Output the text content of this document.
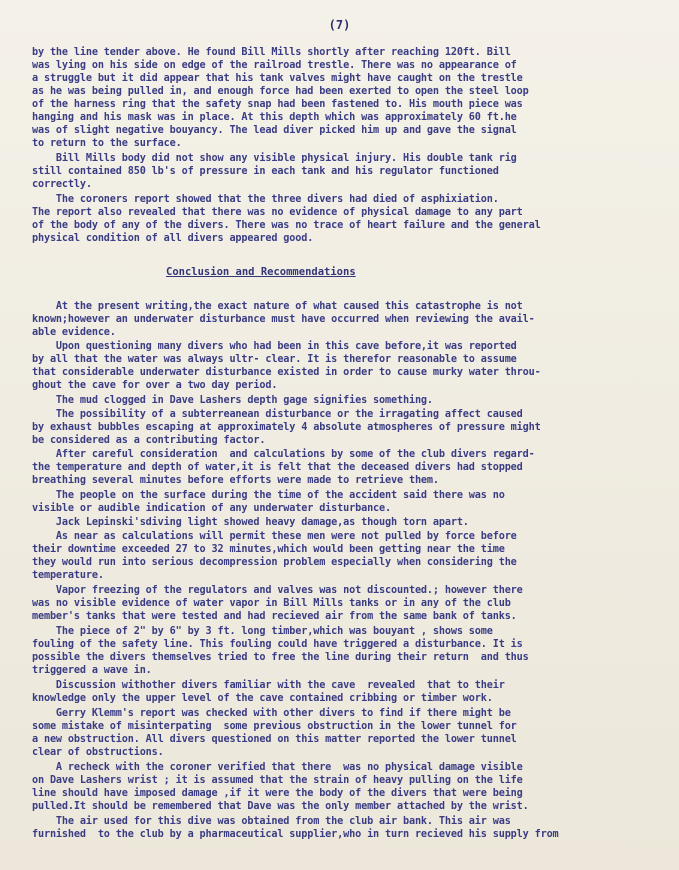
(7)
by the line tender above. He found Bill Mills shortly after reaching 120ft. Bill
was lying on his side on edge of the railroad trestle. There was no appearance of
a struggle but it did appear that his tank valves might have caught on the trestle
as he was being pulled in, and enough force had been exerted to open the steel loop
of the harness ring that the safety snap had been fastened to. His mouth piece was
hanging and his mask was in place. At this depth which was approximately 60 ft.he
was of slight negative bouyancy. The lead diver picked him up and gave the signal
to return to the surface.
Bill Mills body did not show any visible physical injury. His double tank rig
still contained 850 lb's of pressure in each tank and his regulator functioned
correctly.
The coroners report showed that the three divers had died of asphixiation.
The report also revealed that there was no evidence of physical damage to any part
of the body of any of the divers. There was no trace of heart failure and the general
physical condition of all divers appeared good.
Conclusion and Recommendations
At the present writing,the exact nature of what caused this catastrophe is not
known;however an underwater disturbance must have occurred when reviewing the avail-
able evidence.
Upon questioning many divers who had been in this cave before,it was reported
by all that the water was always ultr- clear. It is therefor reasonable to assume
that considerable underwater disturbance existed in order to cause murky water throu-
ghout the cave for over a two day period.
The mud clogged in Dave Lashers depth gage signifies something.
The possibility of a subterreanean disturbance or the irragating affect caused
by exhaust bubbles escaping at approximately 4 absolute atmospheres of pressure might
be considered as a contributing factor.
After careful consideration  and calculations by some of the club divers regard-
the temperature and depth of water,it is felt that the deceased divers had stopped
breathing several minutes before efforts were made to retrieve them.
The people on the surface during the time of the accident said there was no
visible or audible indication of any underwater disturbance.
Jack Lepinski'sdiving light showed heavy damage,as though torn apart.
As near as calculations will permit these men were not pulled by force before
their downtime exceeded 27 to 32 minutes,which would been getting near the time
they would run into serious decompression problem especially when considering the
temperature.
Vapor freezing of the regulators and valves was not discounted.; however there
was no visible evidence of water vapor in Bill Mills tanks or in any of the club
member's tanks that were tested and had recieved air from the same bank of tanks.
The piece of 2" by 6" by 3 ft. long timber,which was bouyant , shows some
fouling of the safety line. This fouling could have triggered a disturbance. It is
possible the divers themselves tried to free the line during their return  and thus
triggered a wave in.
Discussion withother divers familiar with the cave  revealed  that to their
knowledge only the upper level of the cave contained cribbing or timber work.
Gerry Klemm's report was checked with other divers to find if there might be
some mistake of misinterpating  some previous obstruction in the lower tunnel for
a new obstruction. All divers questioned on this matter reported the lower tunnel
clear of obstructions.
A recheck with the coroner verified that there  was no physical damage visible
on Dave Lashers wrist ; it is assumed that the strain of heavy pulling on the life
line should have imposed damage ,if it were the body of the divers that were being
pulled.It should be remembered that Dave was the only member attached by the wrist.
The air used for this dive was obtained from the club air bank. This air was
furnished  to the club by a pharmaceutical supplier,who in turn recieved his supply from
